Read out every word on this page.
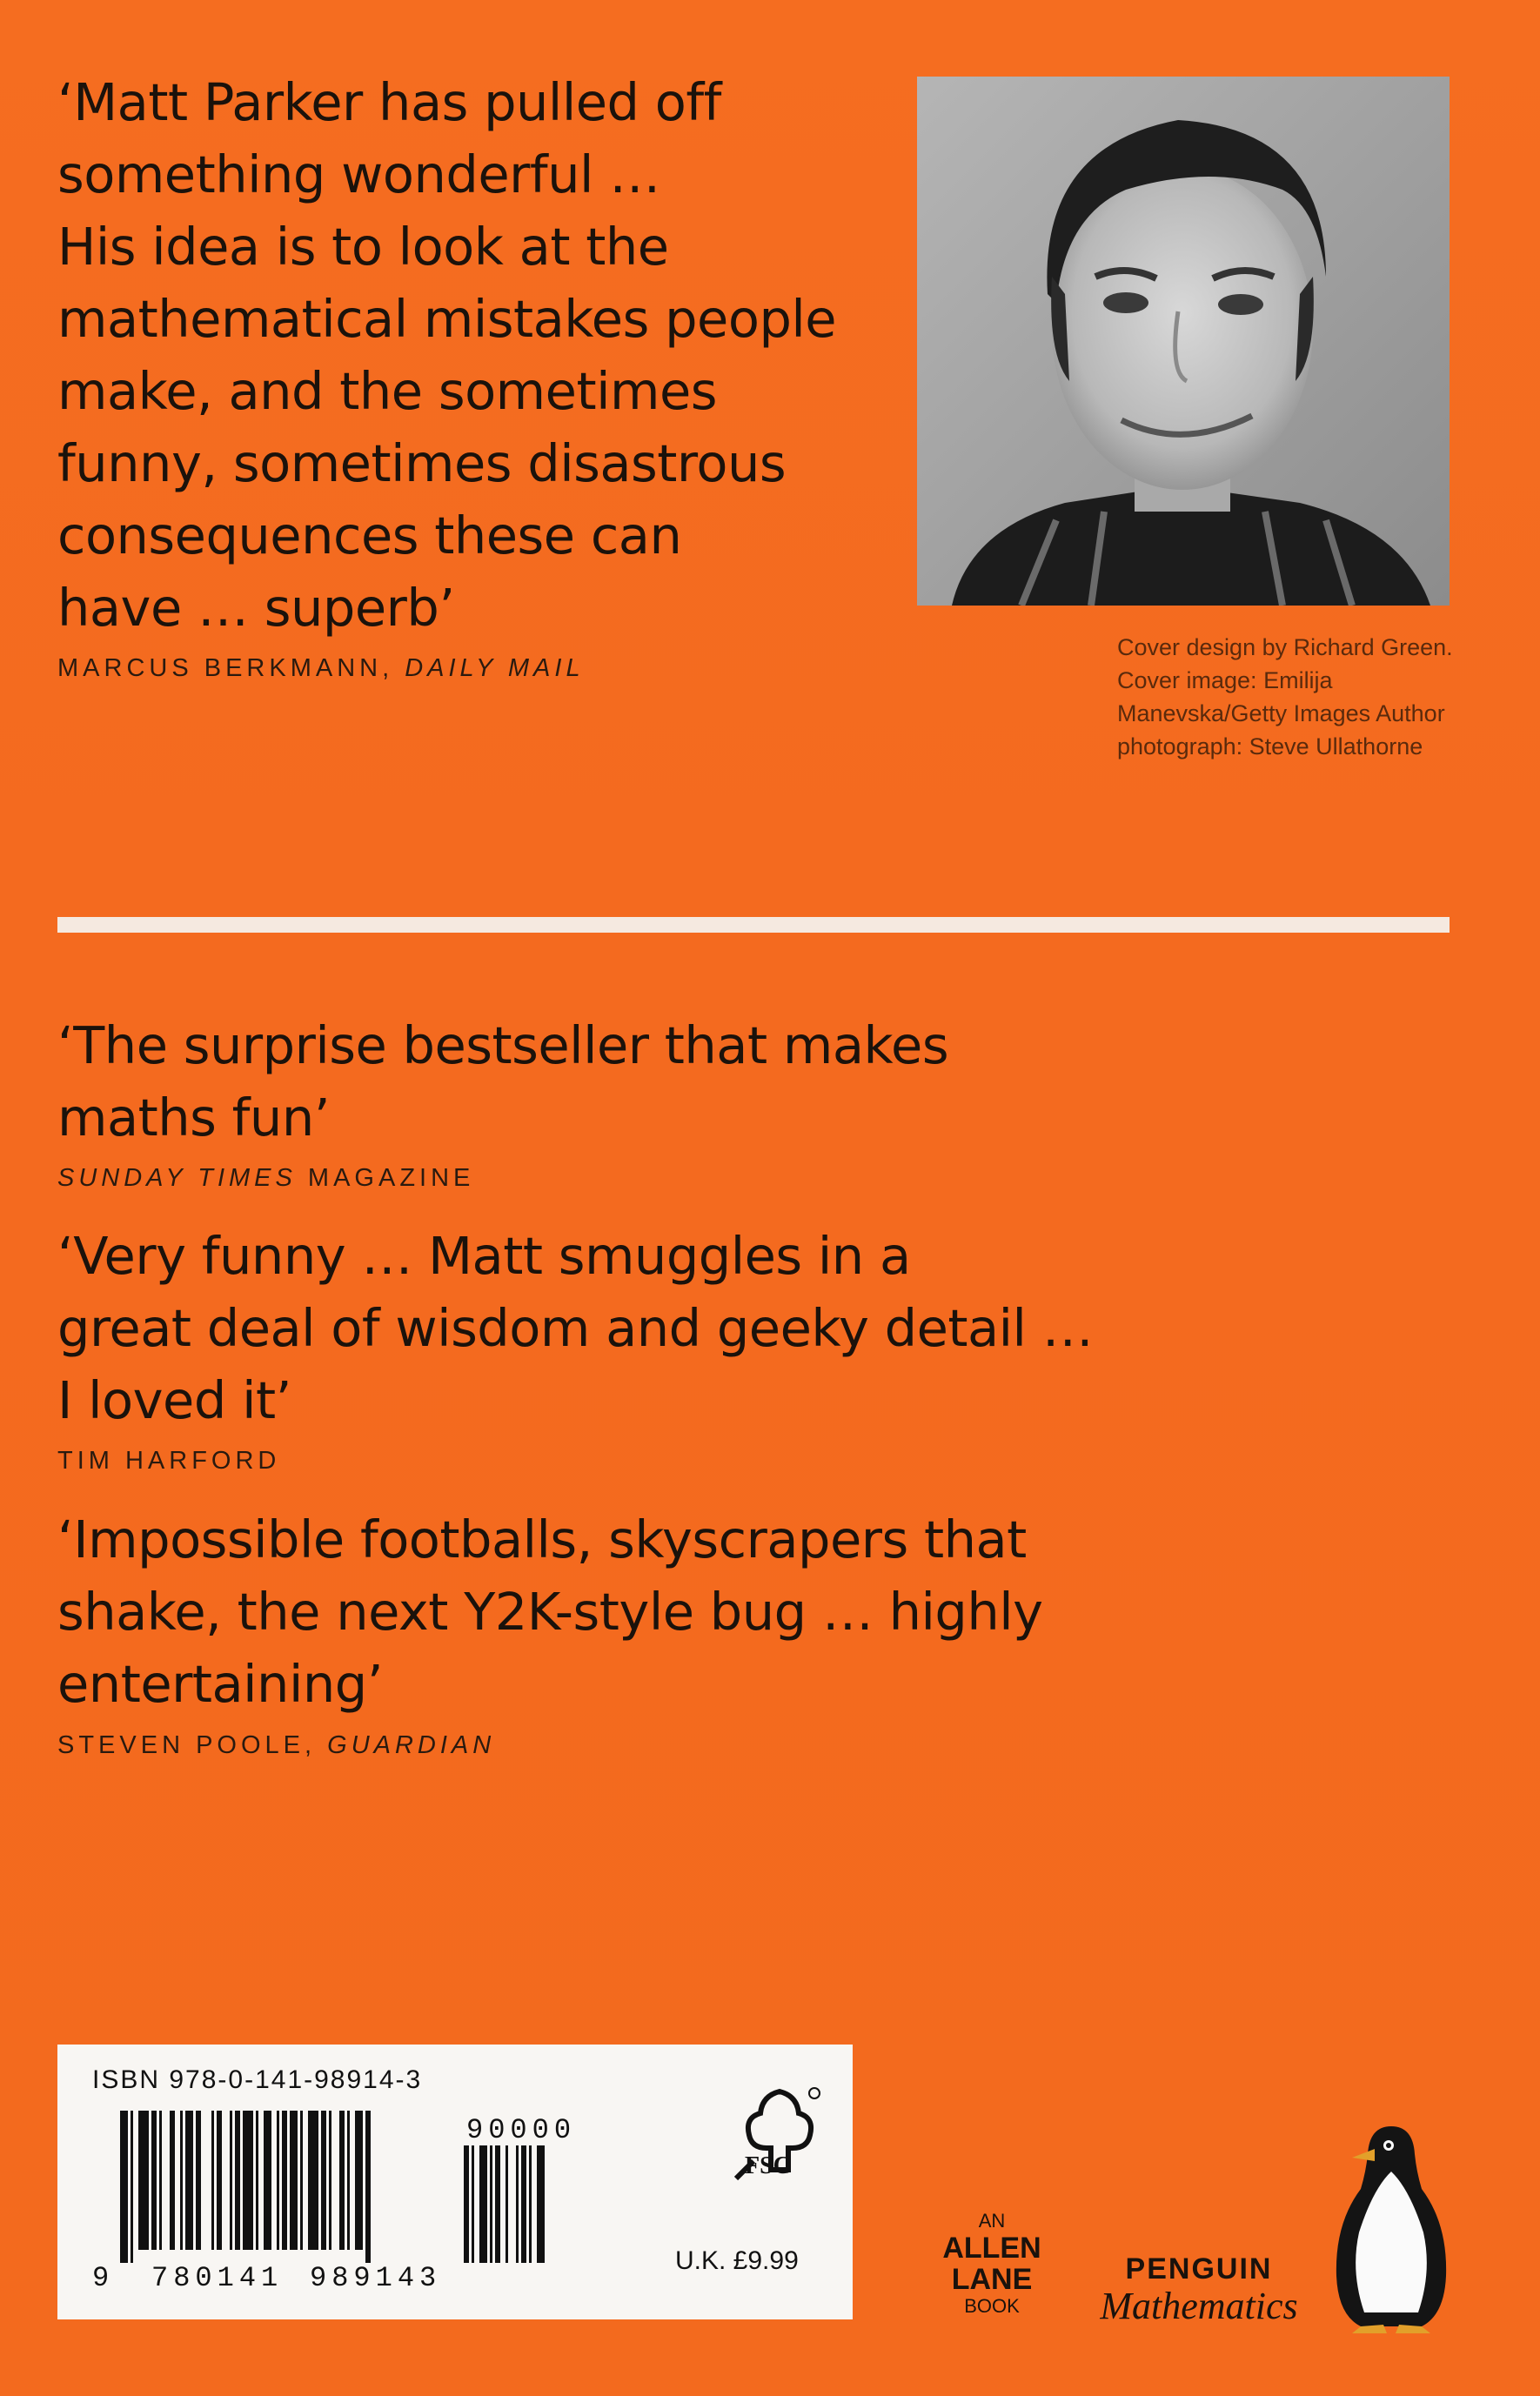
‘Matt Parker has pulled off
something wonderful …
His idea is to look at the
mathematical mistakes people
make, and the sometimes
funny, sometimes disastrous
consequences these can
have … superb’

MARCUS BERKMANN, DAILY MAIL

Cover design by Richard Green. Cover image: Emilija Manevska/Getty Images Author photograph: Steve Ullathorne

‘The surprise bestseller that makes
maths fun’

SUNDAY TIMES MAGAZINE

‘Very funny … Matt smuggles in a
great deal of wisdom and geeky detail …
I loved it’

TIM HARFORD

‘Impossible footballs, skyscrapers that
shake, the next Y2K-style bug … highly
entertaining’

STEVEN POOLE, GUARDIAN

ISBN 978-0-141-98914-3
9 780141 989143
90000
FSC
U.K. £9.99
AN
ALLEN
LANE
BOOK
PENGUIN
Mathematics
